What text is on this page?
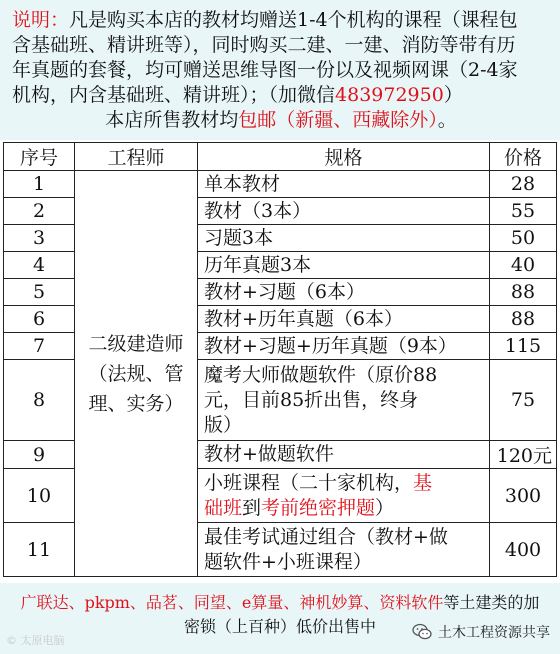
说明：凡是购买本店的教材均赠送1-4个机构的课程（课程包
含基础班、精讲班等），同时购买二建、一建、消防等带有历
年真题的套餐，均可赠送思维导图一份以及视频网课（2-4家
机构，内含基础班、精讲班）；（加微信483972950）
本店所售教材均包邮（新疆、西藏除外）。
序号	工程师	规格	价格
1	二级建造师
（法规、管
理、实务）	单本教材	28
2		教材（3本）	55
3		习题3本	50
4		历年真题3本	40
5		教材+习题（6本）	88
6		教材+历年真题（6本）	88
7		教材+习题+历年真题（9本）	115
8		魔考大师做题软件（原价88
元，目前85折出售，终身
版）	75
9		教材+做题软件	120元
10		小班课程（二十家机构，基
础班到考前绝密押题）	300
11		最佳考试通过组合（教材+做
题软件+小班课程）	400
广联达、pkpm、品茗、同望、e算量、神机妙算、资料软件等土建类的加
密锁（上百种）低价出售中
© 太原电脑	土木工程资源共享
